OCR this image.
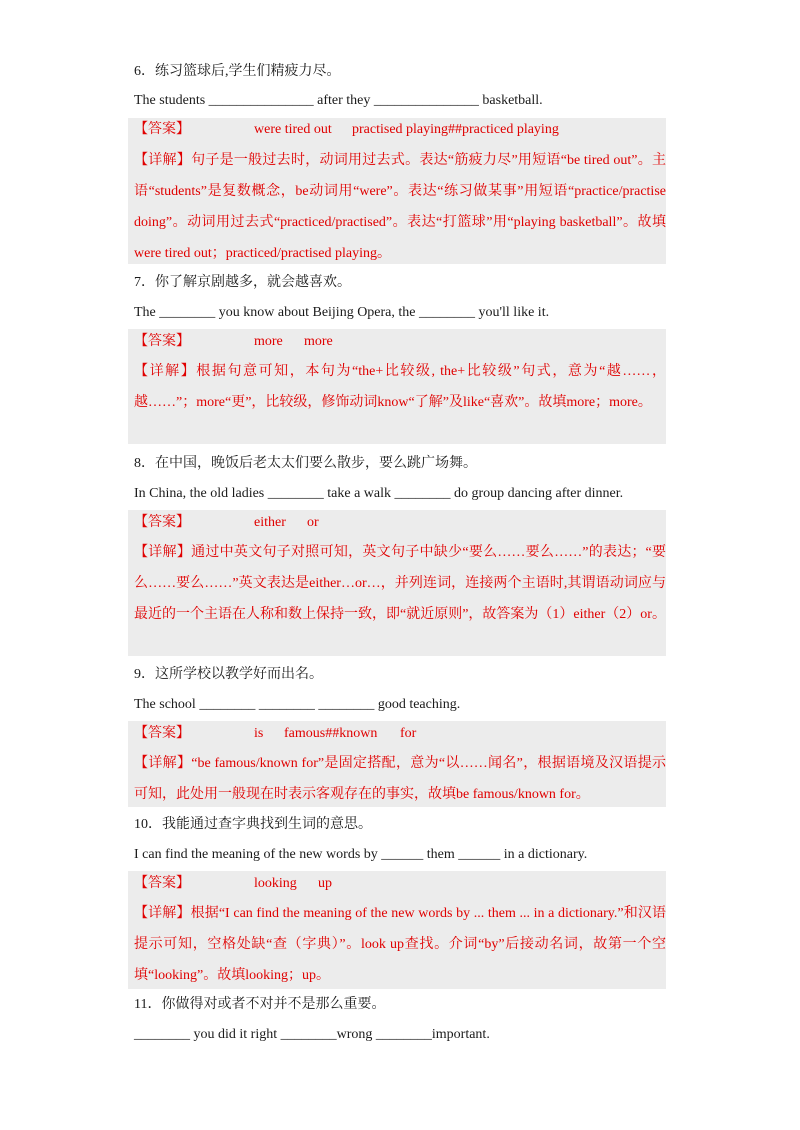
6．练习篮球后,学生们精疲力尽。
The students _______________ after they _______________ basketball.
【答案】	were tired out practised playing##practiced playing
【详解】句子是一般过去时，动词用过去式。表达“筋疲力尽”用短语“be tired out”。主语“students”是复数概念，be动词用“were”。表达“练习做某事”用短语“practice/practise doing”。动词用过去式“practiced/practised”。表达“打篮球”用“playing basketball”。故填were tired out；practiced/practised playing。
7．你了解京剧越多，就会越喜欢。
The ________ you know about Beijing Opera, the ________ you'll like it.
【答案】	more more
【详解】根据句意可知，本句为“the+比较级, the+比较级”句式，意为“越……，越……”；more“更”，比较级，修饰动词know“了解”及like“喜欢”。故填more；more。
8．在中国，晚饭后老太太们要么散步，要么跳广场舞。
In China, the old ladies ________ take a walk ________ do group dancing after dinner.
【答案】	either or
【详解】通过中英文句子对照可知，英文句子中缺少“要么……要么……”的表达；“要么……要么……”英文表达是either…or…，并列连词，连接两个主语时,其谓语动词应与最近的一个主语在人称和数上保持一致，即“就近原则”，故答案为（1）either（2）or。
9．这所学校以教学好而出名。
The school ________ ________ ________ good teaching.
【答案】	is famous##known for
【详解】“be famous/known for”是固定搭配，意为“以……闻名”，根据语境及汉语提示可知，此处用一般现在时表示客观存在的事实，故填be famous/known for。
10．我能通过查字典找到生词的意思。
I can find the meaning of the new words by ______ them ______ in a dictionary.
【答案】	looking up
【详解】根据“I can find the meaning of the new words by ... them ... in a dictionary.”和汉语提示可知，空格处缺“查（字典）”。look up查找。介词“by”后接动名词，故第一个空填“looking”。故填looking；up。
11．你做得对或者不对并不是那么重要。
________ you did it right ________wrong ________important.
